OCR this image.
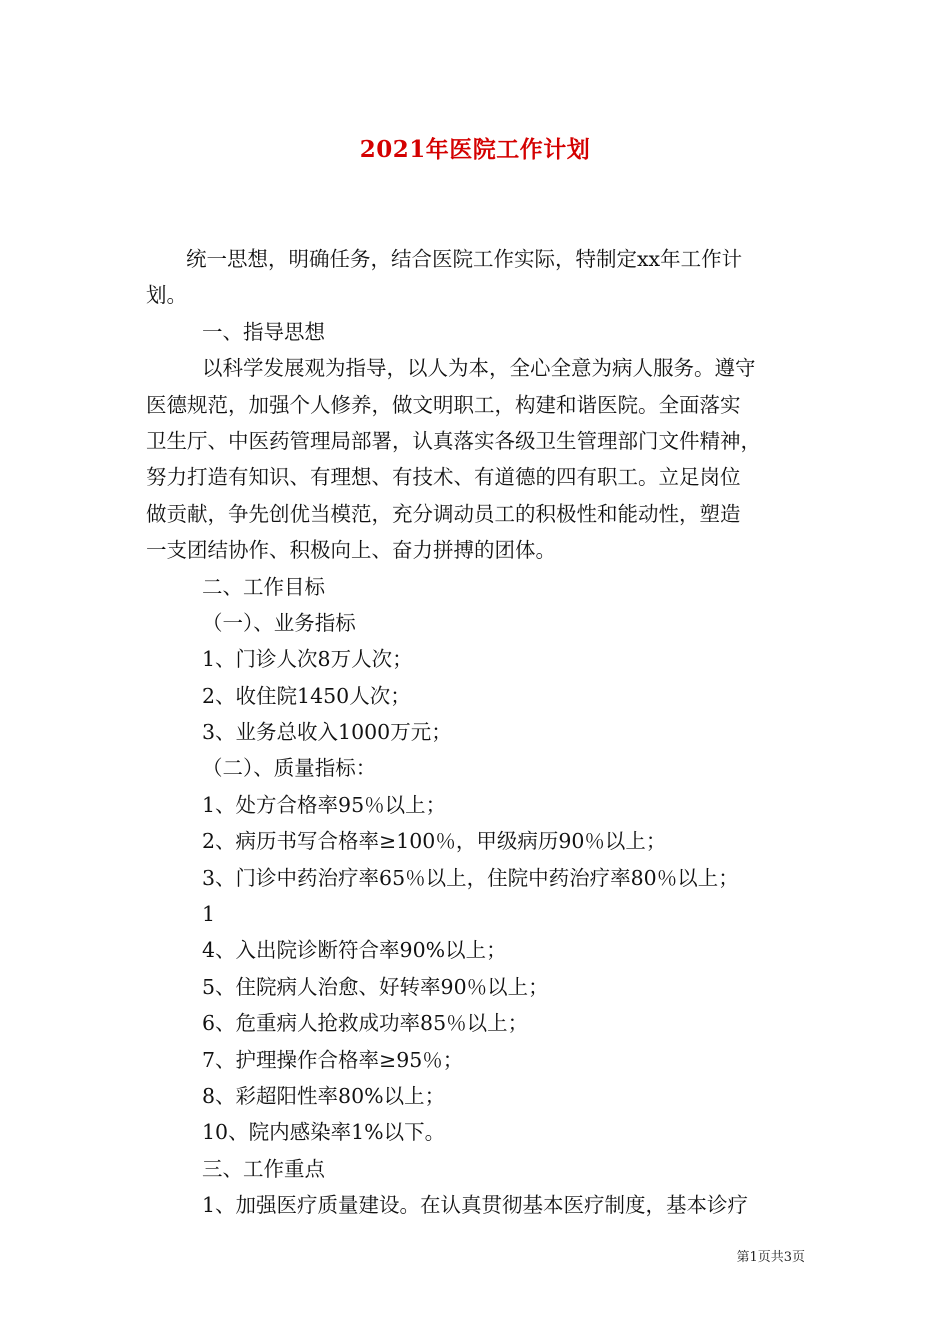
2021年医院工作计划
统一思想，明确任务，结合医院工作实际，特制定xx年工作计
划。
一、指导思想
以科学发展观为指导，以人为本，全心全意为病人服务。遵守
医德规范，加强个人修养，做文明职工，构建和谐医院。全面落实
卫生厅、中医药管理局部署，认真落实各级卫生管理部门文件精神，
努力打造有知识、有理想、有技术、有道德的四有职工。立足岗位
做贡献，争先创优当模范，充分调动员工的积极性和能动性，塑造
一支团结协作、积极向上、奋力拼搏的团体。
二、工作目标
（一）、业务指标
1、门诊人次8万人次；
2、收住院1450人次；
3、业务总收入1000万元；
（二）、质量指标：
1、处方合格率95％以上；
2、病历书写合格率≥100％，甲级病历90％以上；
3、门诊中药治疗率65％以上，住院中药治疗率80％以上；
1
4、入出院诊断符合率90%以上；
5、住院病人治愈、好转率90％以上；
6、危重病人抢救成功率85％以上；
7、护理操作合格率≥95％；
8、彩超阳性率80%以上；
10、院内感染率1%以下。
三、工作重点
1、加强医疗质量建设。在认真贯彻基本医疗制度，基本诊疗
第1页共3页
